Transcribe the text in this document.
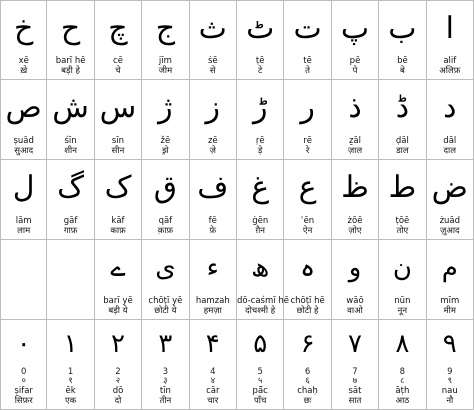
خ
xē
ख़े
ح
barī hē
बड़ी हे
چ
cē
चे
ج
jīm
जीम
ث
ṡē
से
ٹ
ṭē
टे
ت
tē
ते
پ
pē
पे
ب
bē
बे
ا
alif
अलिफ़
ص
ṣuād
सुआद
ش
śīn
शीन
س
sīn
सीन
ژ
žē
झ़े
ز
zē
ज़े
ڑ
ṛē
ड़े
ر
rē
रे
ذ
ẕāl
ज़ाल
ڈ
ḍāl
डाल
د
dāl
दाल
ل
lām
लाम
گ
gāf
गाफ़
ک
kāf
काफ़
ق
qāf
क़ाफ़
ف
fē
फ़े
غ
ġēn
ग़ैन
ع
ʿēn
ऐन
ظ
żōē
ज़ोए
ط
ṭōē
तोए
ض
żuād
ज़ुआद
ے
barī yē
बड़ी ये
ی
chōṭī yē
छोटी ये
ء
hamzah
हमज़ा
ھ
dō-caśmī hē
दोचश्मी हे
ہ
chōṭī hē
छोटी हे
و
wāō
वाओ
ن
nūn
नून
م
mīm
मीम
۰
0
०
ṣifar
सिफ़र
۱
1
१
ēk
एक
۲
2
२
dō
दो
۳
3
३
tīn
तीन
۴
4
४
cār
चार
۵
5
५
pā̃c
पाँच
۶
6
६
chaḥ
छः
۷
7
७
sāt
सात
۸
8
८
āṭh
आठ
۹
9
९
nau
नौ
